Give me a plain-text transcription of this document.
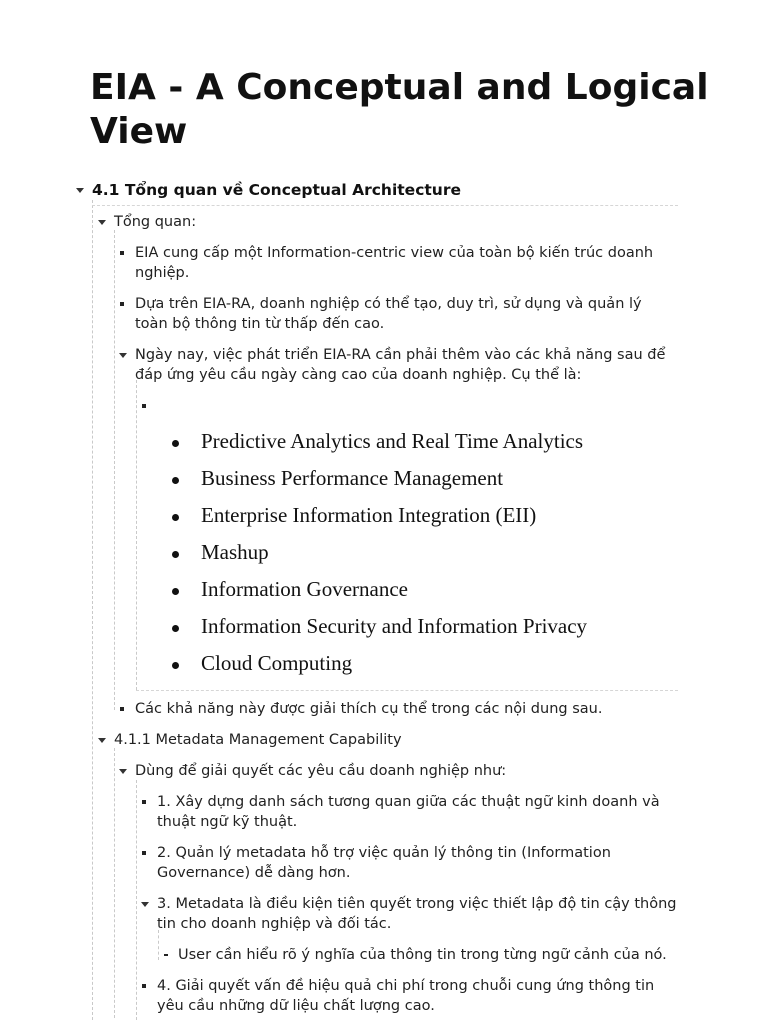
EIA - A Conceptual and Logical View
4.1 Tổng quan về Conceptual Architecture
Tổng quan:
EIA cung cấp một Information-centric view của toàn bộ kiến trúc doanh nghiệp.
Dựa trên EIA-RA, doanh nghiệp có thể tạo, duy trì, sử dụng và quản lý toàn bộ thông tin từ thấp đến cao.
Ngày nay, việc phát triển EIA-RA cần phải thêm vào các khả năng sau để đáp ứng yêu cầu ngày càng cao của doanh nghiệp. Cụ thể là:
Predictive Analytics and Real Time Analytics
Business Performance Management
Enterprise Information Integration (EII)
Mashup
Information Governance
Information Security and Information Privacy
Cloud Computing
Các khả năng này được giải thích cụ thể trong các nội dung sau.
4.1.1 Metadata Management Capability
Dùng để giải quyết các yêu cầu doanh nghiệp như:
1. Xây dựng danh sách tương quan giữa các thuật ngữ kinh doanh và thuật ngữ kỹ thuật.
2. Quản lý metadata hỗ trợ việc quản lý thông tin (Information Governance) dễ dàng hơn.
3. Metadata là điều kiện tiên quyết trong việc thiết lập độ tin cậy thông tin cho doanh nghiệp và đối tác.
User cần hiểu rõ ý nghĩa của thông tin trong từng ngữ cảnh của nó.
4. Giải quyết vấn đề hiệu quả chi phí trong chuỗi cung ứng thông tin yêu cầu những dữ liệu chất lượng cao.
